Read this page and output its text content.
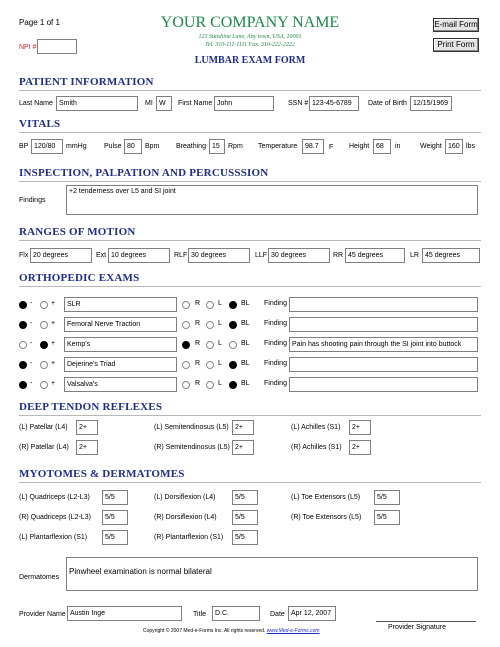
Page 1 of 1	YOUR COMPANY NAME
123 Sunshine Lane, Any town, USA, 10001
Tel. 310-111-1111 Fax. 310-222-2222
LUMBAR EXAM FORM
NPI #
E-mail Form
Print Form
PATIENT INFORMATION
Last Name Smith	MI W	First Name John	SSN # 123-45-6789	Date of Birth 12/15/1969
VITALS
BP 120/80	mmHg Pulse 80	Bpm Breathing 15	Rpm Temperature	98.7	F Height 68	in	Weight 160 lbs
INSPECTION, PALPATION AND PERCUSSSION
Findings
+2 tenderness over L5 and SI joint
RANGES OF MOTION
Flx 20 degrees	Ext 10 degrees	RLF 30 degrees	LLF 30 degrees	RR 45 degrees	LR 45 degrees
ORTHOPEDIC EXAMS
-	+	SLR	R	L	BL Finding
-	+	Femoral Nerve Traction	R	L	BL Finding
-	+	Kemp's	R	L	BL Finding Pain has shooting pain through the SI joint into buttock
-	+	Dejerine's Triad	R	L	BL Finding
-	+	Valsalva's	R	L	BL Finding
DEEP TENDON REFLEXES
(L) Patellar (L4)	2+	(L) Semitendinosus (L5) 2+	(L) Achilles (S1)	2+
(R) Patellar (L4)	2+	(R) Semitendinosus (L5) 2+	(R) Achilles (S1)	2+
MYOTOMES & DERMATOMES
(L) Quadriceps (L2-L3)	5/5	(L) Dorsiflexion (L4)	5/5	(L) Toe Extensors (L5)	5/5
(R) Quadriceps (L2-L3)	5/5	(R) Dorsiflexion (L4)	5/5	(R) Toe Extensors (L5)	5/5
(L) Plantarflexion (S1)	5/5	(R) Plantarflexion (S1)	5/5
Dermatomes
Pinwheel examination is normal bilateral
Provider Name Austin Inge	Title	D.C.	Date Apr 12, 2007
Provider Signature
Copyright © 2007 Med-e-Forms Inc. All rights reserved. www.Med-e-Forms.com
